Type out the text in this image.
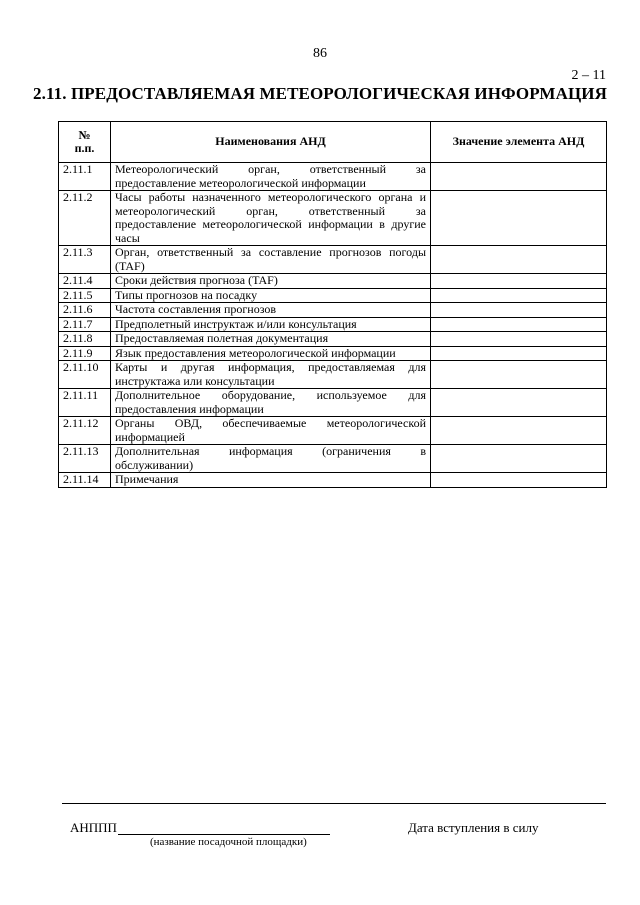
86
2 – 11
2.11. ПРЕДОСТАВЛЯЕМАЯ МЕТЕОРОЛОГИЧЕСКАЯ ИНФОРМАЦИЯ
№
п.п.	Наименования АНД	Значение элемента АНД
2.11.1	Метеорологический орган, ответственный за предоставление метеорологической информации	
2.11.2	Часы работы назначенного метеорологического органа и метеорологический орган, ответственный за предоставление метеорологической информации в другие часы	
2.11.3	Орган, ответственный за составление прогнозов погоды (TAF)	
2.11.4	Сроки действия прогноза (TAF)	
2.11.5	Типы прогнозов на посадку	
2.11.6	Частота составления прогнозов	
2.11.7	Предполетный инструктаж и/или консультация	
2.11.8	Предоставляемая полетная документация	
2.11.9	Язык предоставления метеорологической информации	
2.11.10	Карты и другая информация, предоставляемая для инструктажа или консультации	
2.11.11	Дополнительное оборудование, используемое для предоставления информации	
2.11.12	Органы ОВД, обеспечиваемые метеорологической информацией	
2.11.13	Дополнительная информация (ограничения в обслуживании)	
2.11.14	Примечания	
АНППП
(название посадочной площадки)
Дата вступления в силу
